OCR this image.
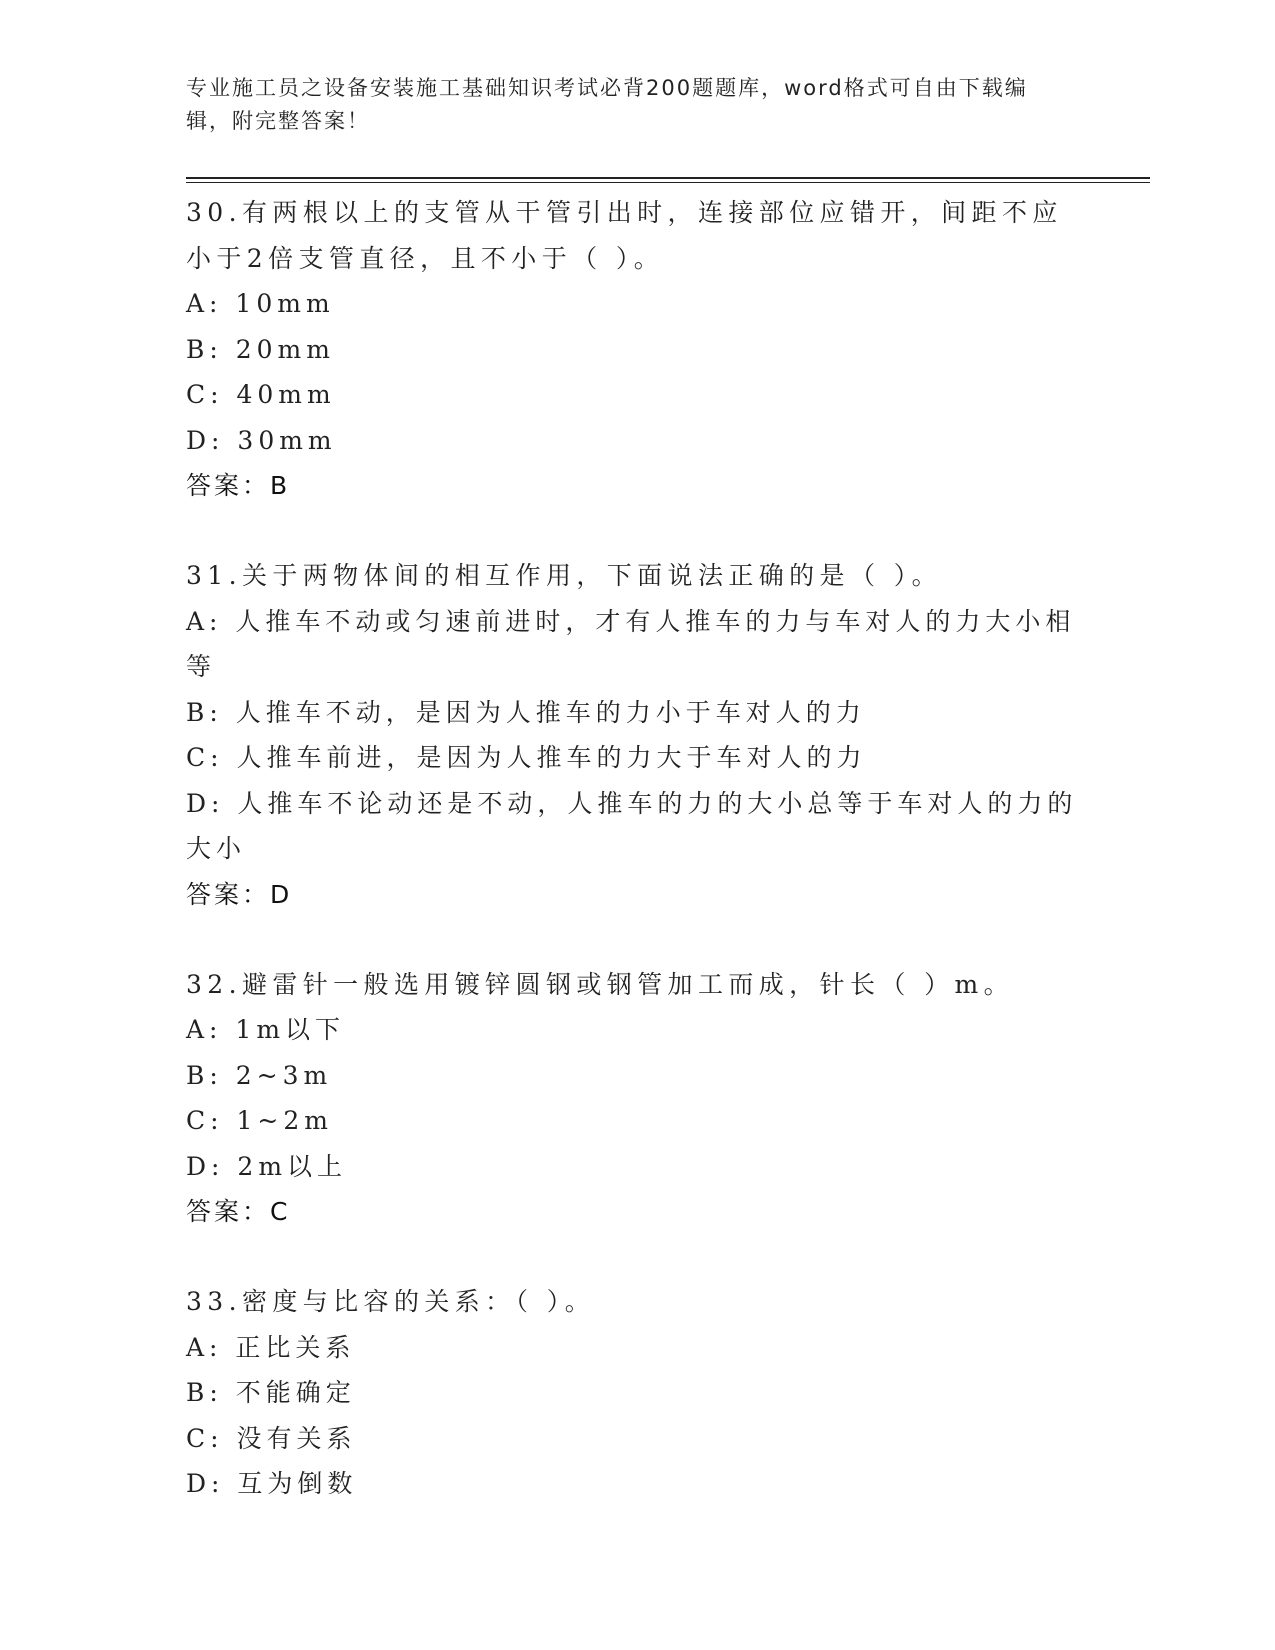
专业施工员之设备安装施工基础知识考试必背200题题库，word格式可自由下载编辑，附完整答案！
30.有两根以上的支管从干管引出时，连接部位应错开，间距不应小于2倍支管直径，且不小于（ ）。
A: 10mm
B: 20mm
C: 40mm
D: 30mm
答案：B
31.关于两物体间的相互作用，下面说法正确的是（ ）。
A: 人推车不动或匀速前进时，才有人推车的力与车对人的力大小相等
B: 人推车不动，是因为人推车的力小于车对人的力
C: 人推车前进，是因为人推车的力大于车对人的力
D: 人推车不论动还是不动，人推车的力的大小总等于车对人的力的大小
答案：D
32.避雷针一般选用镀锌圆钢或钢管加工而成，针长（ ）m。
A: 1m以下
B: 2~3m
C: 1~2m
D: 2m以上
答案：C
33.密度与比容的关系：（ ）。
A: 正比关系
B: 不能确定
C: 没有关系
D: 互为倒数
